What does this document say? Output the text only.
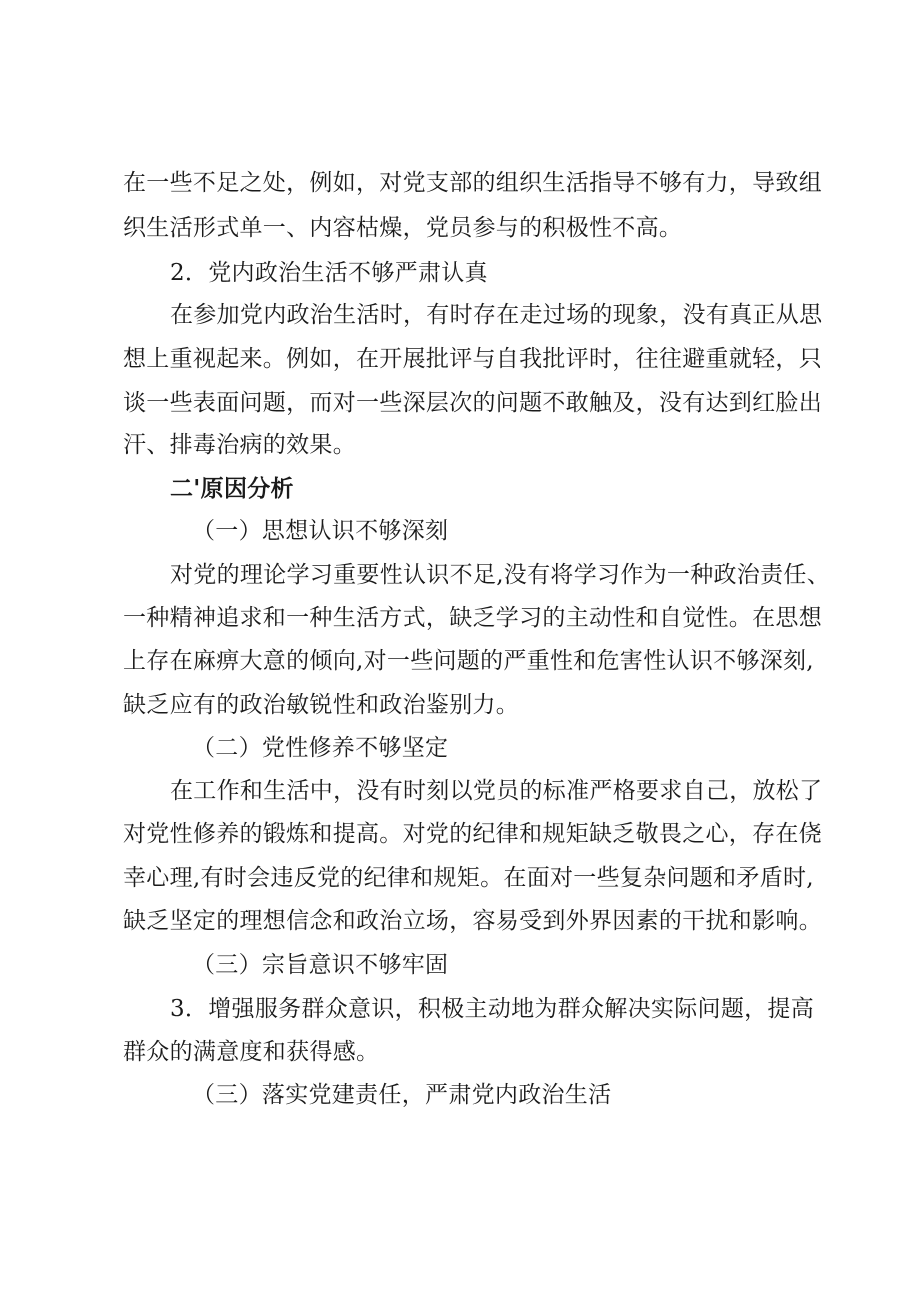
在一些不足之处，例如，对党支部的组织生活指导不够有力，导致组
织生活形式单一、内容枯燥，党员参与的积极性不高。
2．党内政治生活不够严肃认真
在参加党内政治生活时，有时存在走过场的现象，没有真正从思
想上重视起来。例如，在开展批评与自我批评时，往往避重就轻，只
谈一些表面问题，而对一些深层次的问题不敢触及，没有达到红脸出
汗、排毒治病的效果。
二'原因分析
（一）思想认识不够深刻
对党的理论学习重要性认识不足,没有将学习作为一种政治责任、
一种精神追求和一种生活方式，缺乏学习的主动性和自觉性。在思想
上存在麻痹大意的倾向,对一些问题的严重性和危害性认识不够深刻,
缺乏应有的政治敏锐性和政治鉴别力。
（二）党性修养不够坚定
在工作和生活中，没有时刻以党员的标准严格要求自己，放松了
对党性修养的锻炼和提高。对党的纪律和规矩缺乏敬畏之心，存在侥
幸心理,有时会违反党的纪律和规矩。在面对一些复杂问题和矛盾时,
缺乏坚定的理想信念和政治立场，容易受到外界因素的干扰和影响。
（三）宗旨意识不够牢固
3．增强服务群众意识，积极主动地为群众解决实际问题，提高
群众的满意度和获得感。
（三）落实党建责任，严肃党内政治生活
